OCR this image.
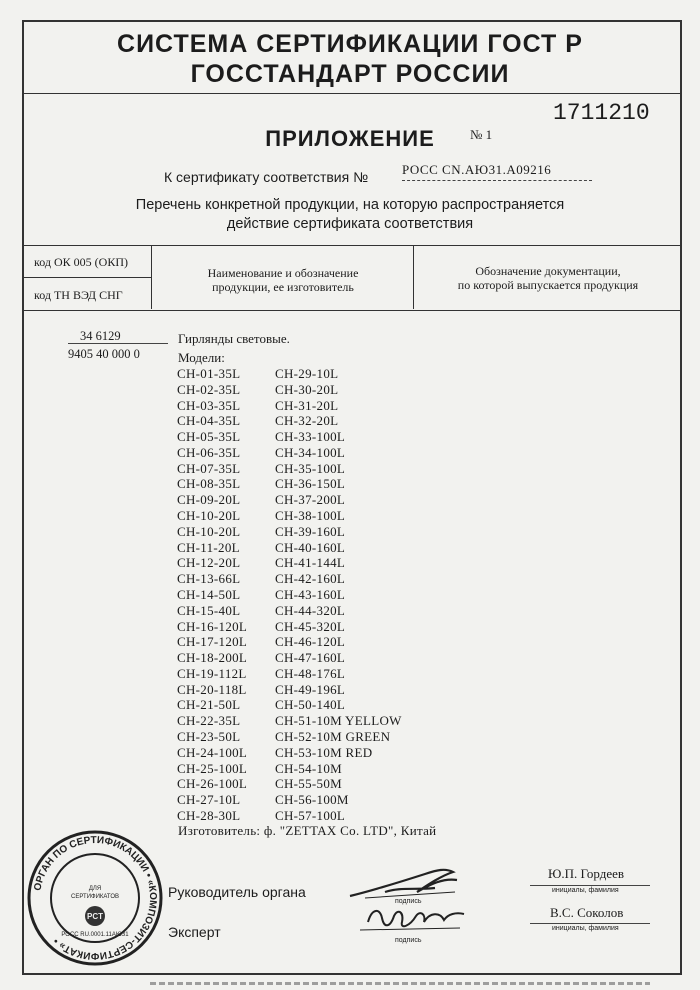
СИСТЕМА СЕРТИФИКАЦИИ ГОСТ Р
ГОССТАНДАРТ РОССИИ
1711210
ПРИЛОЖЕНИЕ	№ 1
К сертификату соответствия №	РОСС CN.AЮ31.A09216
Перечень конкретной продукции, на которую распространяется
действие сертификата соответствия
код ОК 005 (ОКП)
код ТН ВЭД СНГ
Наименование и обозначение
продукции, ее изготовитель
Обозначение документации,
по которой выпускается продукция
34 6129
9405 40 000 0
Гирлянды световые.
Модели:
CH-01-35L
CH-02-35L
CH-03-35L
CH-04-35L
CH-05-35L
CH-06-35L
CH-07-35L
CH-08-35L
CH-09-20L
CH-10-20L
CH-10-20L
CH-11-20L
CH-12-20L
CH-13-66L
CH-14-50L
CH-15-40L
CH-16-120L
CH-17-120L
CH-18-200L
CH-19-112L
CH-20-118L
CH-21-50L
CH-22-35L
CH-23-50L
CH-24-100L
CH-25-100L
CH-26-100L
CH-27-10L
CH-28-30L
CH-29-10L
CH-30-20L
CH-31-20L
CH-32-20L
CH-33-100L
CH-34-100L
CH-35-100L
CH-36-150L
CH-37-200L
CH-38-100L
CH-39-160L
CH-40-160L
CH-41-144L
CH-42-160L
CH-43-160L
CH-44-320L
CH-45-320L
CH-46-120L
CH-47-160L
CH-48-176L
CH-49-196L
CH-50-140L
CH-51-10M YELLOW
CH-52-10M GREEN
CH-53-10M RED
CH-54-10M
CH-55-50M
CH-56-100M
CH-57-100L
Изготовитель: ф. "ZETTAX Co. LTD", Китай
ОРГАН ПО СЕРТИФИКАЦИИ • «КОМПОЗИТ-СЕРТИФИКАТ» •
ДЛЯ
СЕРТИФИКАТОВ
PCT
РОСС RU.0001.11АЮ31
Руководитель органа
Эксперт
подпись
подпись
Ю.П. Гордеев
инициалы, фамилия
В.С. Соколов
инициалы, фамилия
